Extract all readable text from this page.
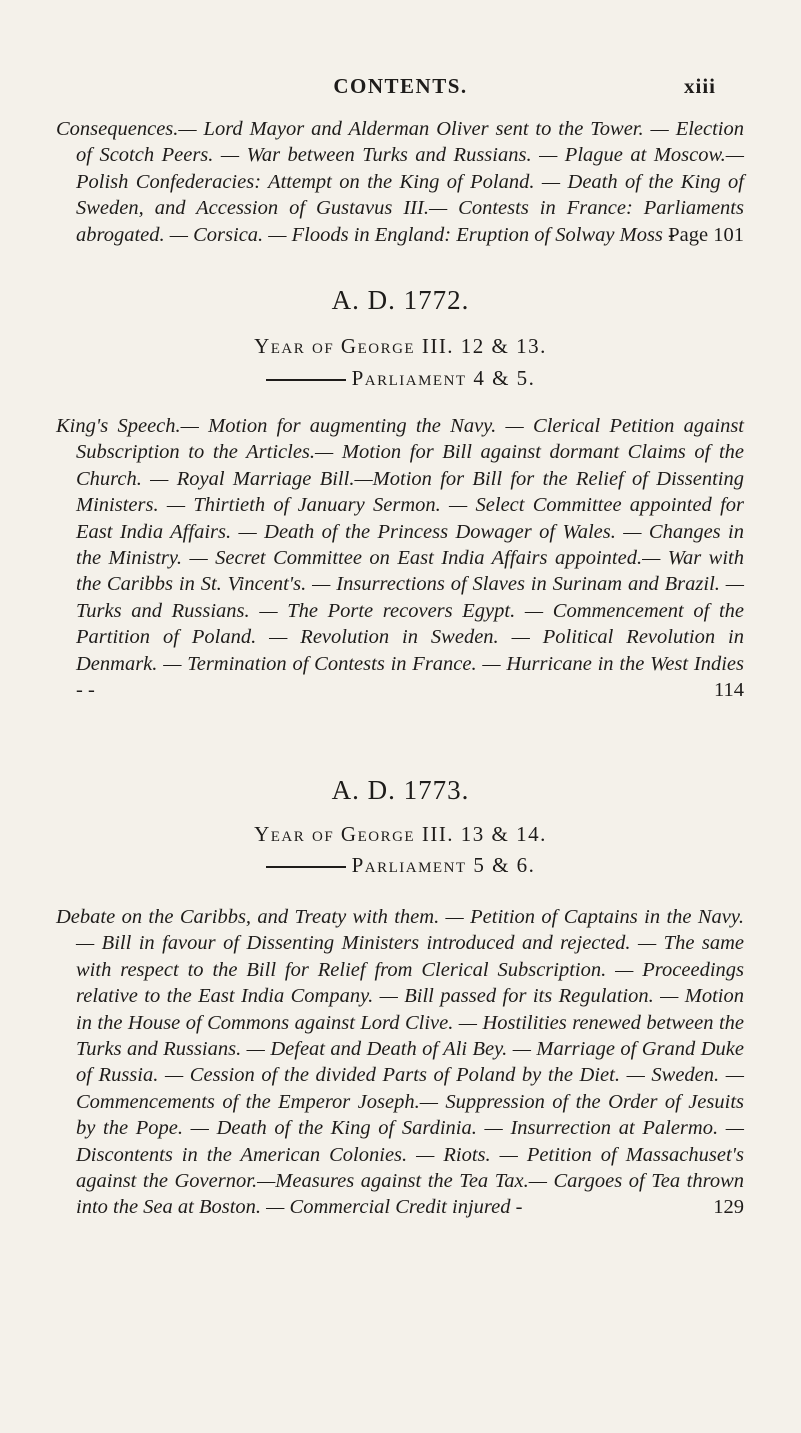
CONTENTS.	xiii
Consequences.— Lord Mayor and Alderman Oliver sent to the Tower. — Election of Scotch Peers. — War between Turks and Russians. — Plague at Moscow.— Polish Confederacies: Attempt on the King of Poland. — Death of the King of Sweden, and Accession of Gustavus III.— Contests in France: Parliaments abrogated. — Corsica. — Floods in England: Eruption of Solway Moss -
Page 101
A. D. 1772.
Year of George III. 12 & 13.
Parliament 4 & 5.
King's Speech.— Motion for augmenting the Navy. — Clerical Petition against Subscription to the Articles.— Motion for Bill against dormant Claims of the Church. — Royal Marriage Bill.—Motion for Bill for the Relief of Dissenting Ministers. — Thirtieth of January Sermon. — Select Committee appointed for East India Affairs. — Death of the Princess Dowager of Wales. — Changes in the Ministry. — Secret Committee on East India Affairs appointed.— War with the Caribbs in St. Vincent's. — Insurrections of Slaves in Surinam and Brazil. — Turks and Russians. — The Porte recovers Egypt. — Commencement of the Partition of Poland. — Revolution in Sweden. — Political Revolution in Denmark. — Termination of Contests in France. — Hurricane in the West Indies - -	114
A. D. 1773.
Year of George III. 13 & 14.
Parliament 5 & 6.
Debate on the Caribbs, and Treaty with them. — Petition of Captains in the Navy. — Bill in favour of Dissenting Ministers introduced and rejected. — The same with respect to the Bill for Relief from Clerical Subscription. — Proceedings relative to the East India Company. — Bill passed for its Regulation. — Motion in the House of Commons against Lord Clive. — Hostilities renewed between the Turks and Russians. — Defeat and Death of Ali Bey. — Marriage of Grand Duke of Russia. — Cession of the divided Parts of Poland by the Diet. — Sweden. — Commencements of the Emperor Joseph.— Suppression of the Order of Jesuits by the Pope. — Death of the King of Sardinia. — Insurrection at Palermo. — Discontents in the American Colonies. — Riots. — Petition of Massachuset's against the Governor.—Measures against the Tea Tax.— Cargoes of Tea thrown into the Sea at Boston. — Commercial Credit injured -	129
